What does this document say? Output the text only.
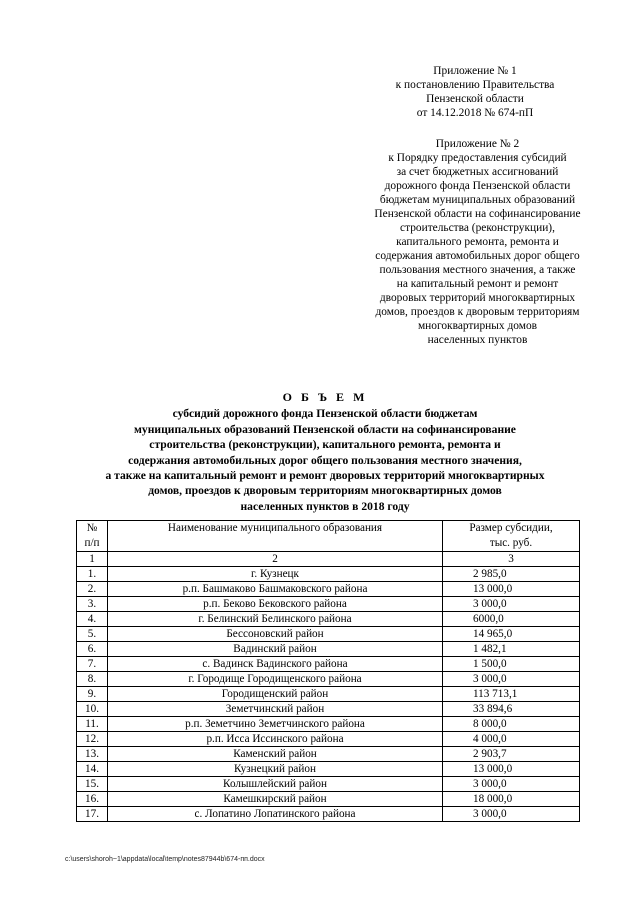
Приложение № 1
к постановлению Правительства
Пензенской области
от 14.12.2018 № 674-пП
Приложение № 2
к Порядку предоставления субсидий
за счет бюджетных ассигнований
дорожного фонда Пензенской области
бюджетам муниципальных образований
Пензенской области на софинансирование
строительства (реконструкции),
капитального ремонта, ремонта и
содержания автомобильных дорог общего
пользования местного значения, а также
на капитальный ремонт и ремонт
дворовых территорий многоквартирных
домов, проездов к дворовым территориям
многоквартирных домов
населенных пунктов
О Б Ъ Е М
субсидий дорожного фонда Пензенской области бюджетам
муниципальных образований Пензенской области на софинансирование
строительства (реконструкции), капитального ремонта, ремонта и
содержания автомобильных дорог общего пользования местного значения,
а также на капитальный ремонт и ремонт дворовых территорий многоквартирных
домов, проездов к дворовым территориям многоквартирных домов
населенных пунктов в 2018 году
№
п/п	Наименование муниципального образования	Размер субсидии,
тыс. руб.
1	2	3
1.	г. Кузнецк	2 985,0
2.	р.п. Башмаково Башмаковского района	13 000,0
3.	р.п. Беково Бековского района	3 000,0
4.	г. Белинский Белинского района	6000,0
5.	Бессоновский район	14 965,0
6.	Вадинский район	1 482,1
7.	с. Вадинск Вадинского района	1 500,0
8.	г. Городище Городищенского района	3 000,0
9.	Городищенский район	113 713,1
10.	Земетчинский район	33 894,6
11.	р.п. Земетчино Земетчинского района	8 000,0
12.	р.п. Исса Иссинского района	4 000,0
13.	Каменский район	2 903,7
14.	Кузнецкий район	13 000,0
15.	Колышлейский район	3 000,0
16.	Камешкирский район	18 000,0
17.	с. Лопатино Лопатинского района	3 000,0
c:\users\shoroh~1\appdata\local\temp\notes87944b\674-пп.docx
